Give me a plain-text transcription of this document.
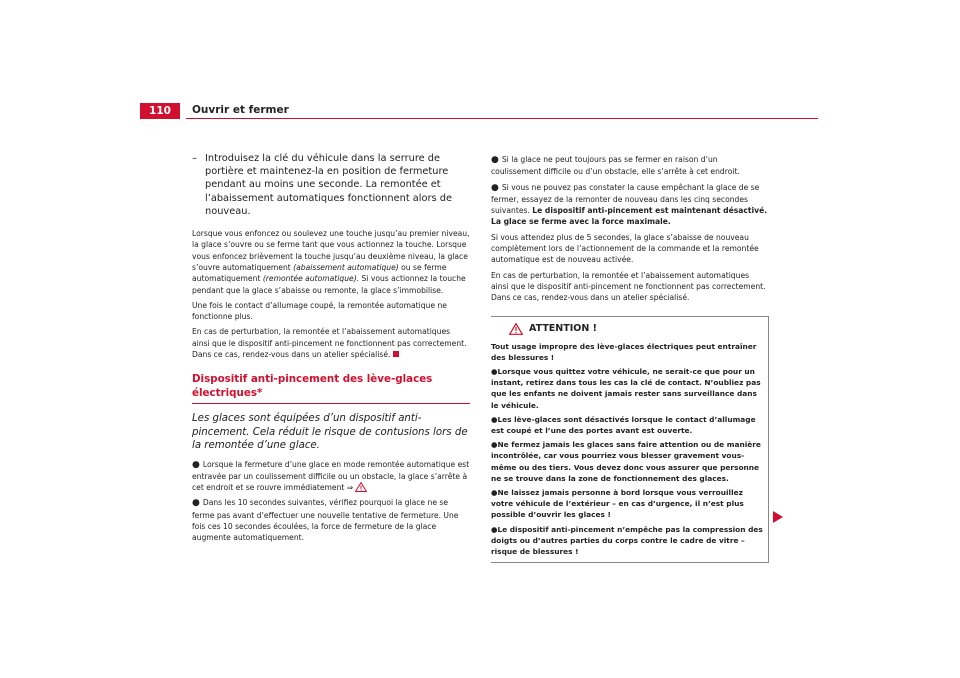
110	Ouvrir et fermer

– Introduisez la clé du véhicule dans la serrure de portière et maintenez-la en position de fermeture pendant au moins une seconde. La remontée et l’abaissement automatiques fonctionnent alors de nouveau.

Lorsque vous enfoncez ou soulevez une touche jusqu’au premier niveau, la glace s’ouvre ou se ferme tant que vous actionnez la touche. Lorsque vous enfoncez brièvement la touche jusqu’au deuxième niveau, la glace s’ouvre automatiquement (abaissement automatique) ou se ferme automatiquement (remontée automatique). Si vous actionnez la touche pendant que la glace s’abaisse ou remonte, la glace s’immobilise.

Une fois le contact d’allumage coupé, la remontée automatique ne fonctionne plus.

En cas de perturbation, la remontée et l’abaissement automatiques ainsi que le dispositif anti-pincement ne fonctionnent pas correctement. Dans ce cas, rendez-vous dans un atelier spécialisé.

Dispositif anti-pincement des lève-glaces électriques*
Les glaces sont équipées d’un dispositif anti-pincement. Cela réduit le risque de contusions lors de la remontée d’une glace.

● Lorsque la fermeture d’une glace en mode remontée automatique est entravée par un coulissement difficile ou un obstacle, la glace s’arrête à cet endroit et se rouvre immédiatement ⇒

● Dans les 10 secondes suivantes, vérifiez pourquoi la glace ne se ferme pas avant d’effectuer une nouvelle tentative de fermeture. Une fois ces 10 secondes écoulées, la force de fermeture de la glace augmente automatiquement.

● Si la glace ne peut toujours pas se fermer en raison d’un coulissement difficile ou d’un obstacle, elle s’arrête à cet endroit.

● Si vous ne pouvez pas constater la cause empêchant la glace de se fermer, essayez de la remonter de nouveau dans les cinq secondes suivantes. Le dispositif anti-pincement est maintenant désactivé. La glace se ferme avec la force maximale.

Si vous attendez plus de 5 secondes, la glace s’abaisse de nouveau complètement lors de l’actionnement de la commande et la remontée automatique est de nouveau activée.

En cas de perturbation, la remontée et l’abaissement automatiques ainsi que le dispositif anti-pincement ne fonctionnent pas correctement. Dans ce cas, rendez-vous dans un atelier spécialisé.

ATTENTION !

Tout usage impropre des lève-glaces électriques peut entraîner des blessures !

●Lorsque vous quittez votre véhicule, ne serait-ce que pour un instant, retirez dans tous les cas la clé de contact. N’oubliez pas que les enfants ne doivent jamais rester sans surveillance dans le véhicule.

●Les lève-glaces sont désactivés lorsque le contact d’allumage est coupé et l’une des portes avant est ouverte.

●Ne fermez jamais les glaces sans faire attention ou de manière incontrôlée, car vous pourriez vous blesser gravement vous-même ou des tiers. Vous devez donc vous assurer que personne ne se trouve dans la zone de fonctionnement des glaces.

●Ne laissez jamais personne à bord lorsque vous verrouillez votre véhicule de l’extérieur – en cas d’urgence, il n’est plus possible d’ouvrir les glaces !

●Le dispositif anti-pincement n’empêche pas la compression des doigts ou d’autres parties du corps contre le cadre de vitre – risque de blessures !
